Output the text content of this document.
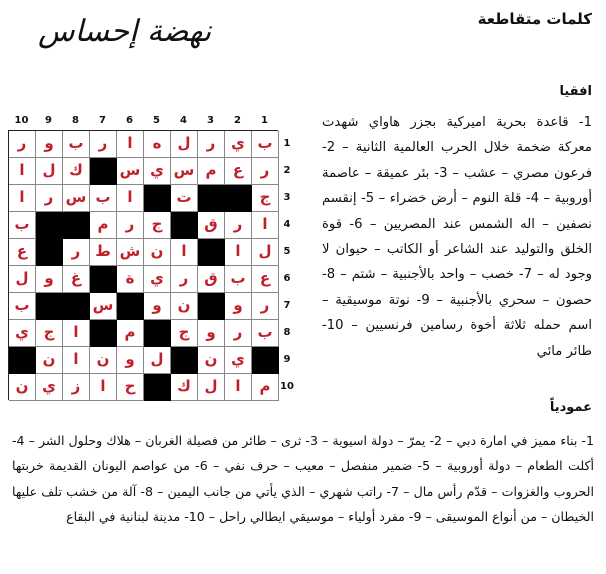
كلمات متقاطعة
نهضة إحساس
افقيا
1- قاعدة بحرية اميركية بجزر هاواي شهدت معركة ضخمة خلال الحرب العالمية الثانية – 2- فرعون مصري – عشب – 3- بئر عميقة – عاصمة أوروبية – 4- قلة النوم – أرض خضراء – 5- إنقسم نصفين – اله الشمس عند المصريين – 6- قوة الخلق والتوليد عند الشاعر أو الكاتب – حيوان لا وجود له – 7- خصب – واحد بالأجنبية – شتم – 8- حصون – سحري بالأجنبية – 9- نوتة موسيقية – اسم حمله ثلاثة أخوة رسامين فرنسيين – 10- طائر مائي
عمودياً
1- بناء مميز في امارة دبي – 2- يمرّ – دولة اسيوية – 3- ثرى – طائر من فصيلة الغربان – هلاك وحلول الشر – 4- أكلت الطعام – دولة أوروبية – 5- ضمير منفصل – معيب – حرف نفي – 6- من عواصم اليونان القديمة خربتها الحروب والغزوات – قدّم رأس مال – 7- راتب شهري – الذي يأتي من جانب اليمين – 8- آلة من خشب تلف عليها الخيطان – من أنواع الموسيقى – 9- مفرد أولياء – موسيقي ايطالي راحل – 10- مدينة لبنانية في البقاع
1
2
3
4
5
6
7
8
9
10
1
2
3
4
5
6
7
8
9
10
ب
ي
ر
ل
ه
ا
ر
ب
و
ر
ر
ع
م
س
ي
س
ك
ل
ا
ج
ت
ا
ب
س
ر
ا
ا
ر
ق
ج
ر
م
ب
ل
ا
ا
ن
ش
ط
ر
ع
ع
ب
ق
ر
ي
ة
غ
و
ل
ر
و
ن
و
س
ب
ب
ر
و
ج
م
ا
ج
ي
ي
ن
ل
و
ن
ا
ن
م
ا
ل
ك
ح
ا
ز
ي
ن
